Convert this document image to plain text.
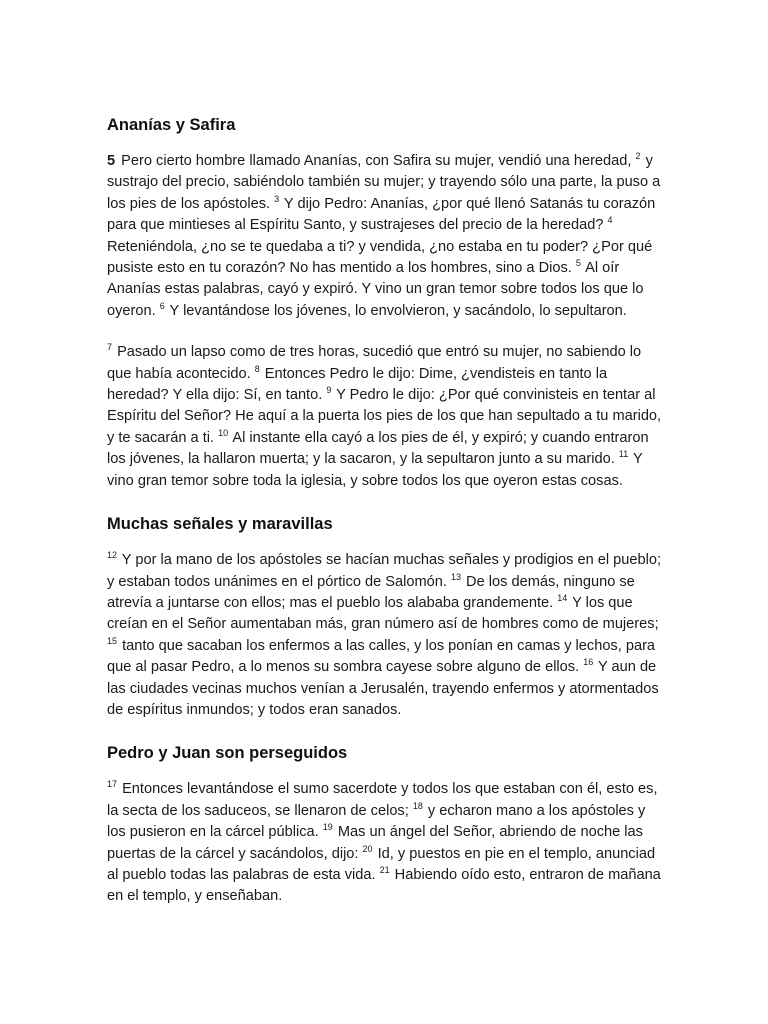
Ananías y Safira

5 Pero cierto hombre llamado Ananías, con Safira su mujer, vendió una heredad, $^2$ y sustrajo del precio, sabiéndolo también su mujer; y trayendo sólo una parte, la puso a los pies de los apóstoles. $^3$ Y dijo Pedro: Ananías, ¿por qué llenó Satanás tu corazón para que mintieses al Espíritu Santo, y sustrajeses del precio de la heredad? $^4$ Reteniéndola, ¿no se te quedaba a ti? y vendida, ¿no estaba en tu poder? ¿Por qué pusiste esto en tu corazón? No has mentido a los hombres, sino a Dios. $^5$ Al oír Ananías estas palabras, cayó y expiró. Y vino un gran temor sobre todos los que lo oyeron. $^6$ Y levantándose los jóvenes, lo envolvieron, y sacándolo, lo sepultaron.

$^7$ Pasado un lapso como de tres horas, sucedió que entró su mujer, no sabiendo lo que había acontecido. $^8$ Entonces Pedro le dijo: Dime, ¿vendisteis en tanto la heredad? Y ella dijo: Sí, en tanto. $^9$ Y Pedro le dijo: ¿Por qué convinisteis en tentar al Espíritu del Señor? He aquí a la puerta los pies de los que han sepultado a tu marido, y te sacarán a ti. $^{10}$ Al instante ella cayó a los pies de él, y expiró; y cuando entraron los jóvenes, la hallaron muerta; y la sacaron, y la sepultaron junto a su marido. $^{11}$ Y vino gran temor sobre toda la iglesia, y sobre todos los que oyeron estas cosas.

Muchas señales y maravillas

$^{12}$ Y por la mano de los apóstoles se hacían muchas señales y prodigios en el pueblo; y estaban todos unánimes en el pórtico de Salomón. $^{13}$ De los demás, ninguno se atrevía a juntarse con ellos; mas el pueblo los alababa grandemente. $^{14}$ Y los que creían en el Señor aumentaban más, gran número así de hombres como de mujeres; $^{15}$ tanto que sacaban los enfermos a las calles, y los ponían en camas y lechos, para que al pasar Pedro, a lo menos su sombra cayese sobre alguno de ellos. $^{16}$ Y aun de las ciudades vecinas muchos venían a Jerusalén, trayendo enfermos y atormentados de espíritus inmundos; y todos eran sanados.

Pedro y Juan son perseguidos

$^{17}$ Entonces levantándose el sumo sacerdote y todos los que estaban con él, esto es, la secta de los saduceos, se llenaron de celos; $^{18}$ y echaron mano a los apóstoles y los pusieron en la cárcel pública. $^{19}$ Mas un ángel del Señor, abriendo de noche las puertas de la cárcel y sacándolos, dijo: $^{20}$ Id, y puestos en pie en el templo, anunciad al pueblo todas las palabras de esta vida. $^{21}$ Habiendo oído esto, entraron de mañana en el templo, y enseñaban.
